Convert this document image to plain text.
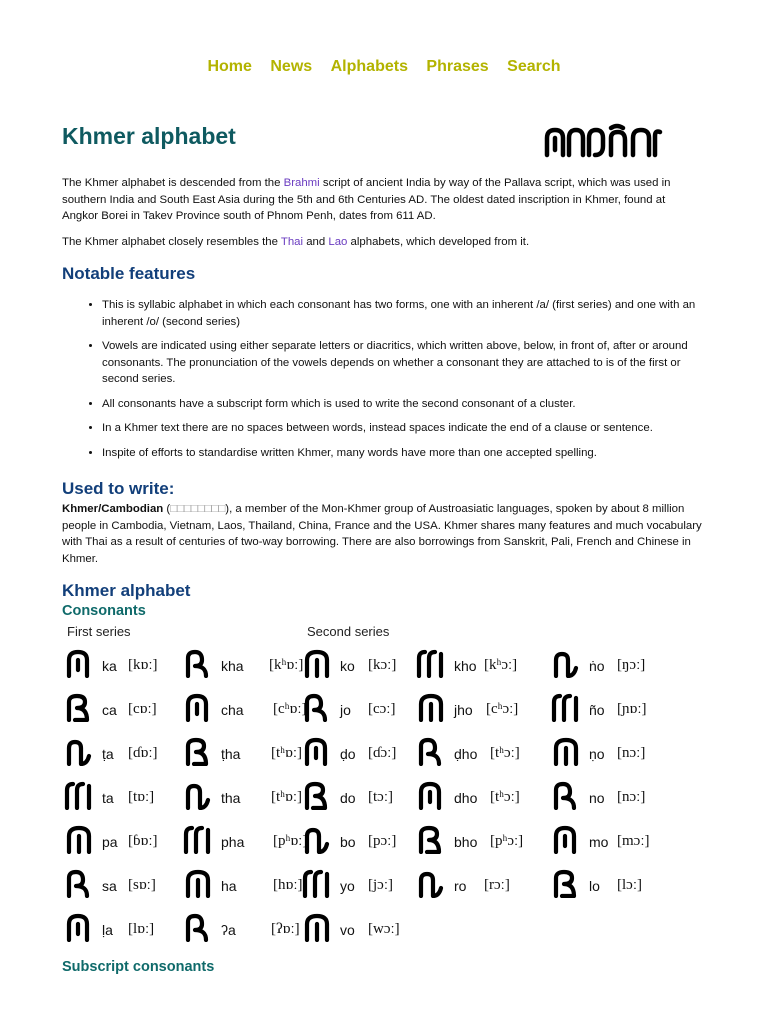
Home News Alphabets Phrases Search
Khmer alphabet

The Khmer alphabet is descended from the Brahmi script of ancient India by way of the Pallava script, which was used in southern India and South East Asia during the 5th and 6th Centuries AD. The oldest dated inscription in Khmer, found at Angkor Borei in Takev Province south of Phnom Penh, dates from 611 AD.

The Khmer alphabet closely resembles the Thai and Lao alphabets, which developed from it.

Notable features
• This is syllabic alphabet in which each consonant has two forms, one with an inherent /a/ (first series) and one with an inherent /o/ (second series)
• Vowels are indicated using either separate letters or diacritics, which written above, below, in front of, after or around consonants. The pronunciation of the vowels depends on whether a consonant they are attached to is of the first or second series.
• All consonants have a subscript form which is used to write the second consonant of a cluster.
• In a Khmer text there are no spaces between words, instead spaces indicate the end of a clause or sentence.
• Inspite of efforts to standardise written Khmer, many words have more than one accepted spelling.
Used to write:

Khmer/Cambodian (□□□□□□□□), a member of the Mon-Khmer group of Austroasiatic languages, spoken by about 8 million people in Cambodia, Vietnam, Laos, Thailand, China, France and the USA. Khmer shares many features and much vocabulary with Thai as a result of centuries of two-way borrowing. There are also borrowings from Sanskrit, Pali, French and Chinese in Khmer.

Khmer alphabet
Consonants
First series	Second series
ka [kɒː]	kha [kʰɒː]	ko [kɔː]	kho [kʰɔː]	ṅo [ŋɔː]
ca [cɒː]	cha [cʰɒː] jo [cɔː]	jho [cʰɔː]	ño [ɲɒː]
ṭa [ɗɒː]	ṭha [tʰɒː]	ḍo [ɗɔː]	ḍho [tʰɔː]	ṇo [nɔː]
ta [tɒː]	tha [tʰɒː]	do [tɔː]	dho [tʰɔː]	no [nɔː]
pa [ɓɒː]	pha [pʰɒː] bo [pɔː]	bho [pʰɔː]	mo [mɔː]
sa [sɒː]	ha [hɒː]	yo [jɔː]	ro [rɔː]	lo [lɔː]
ḷa [lɒː]	ʔa [ʔɒː]	vo [wɔː]
Subscript consonants
